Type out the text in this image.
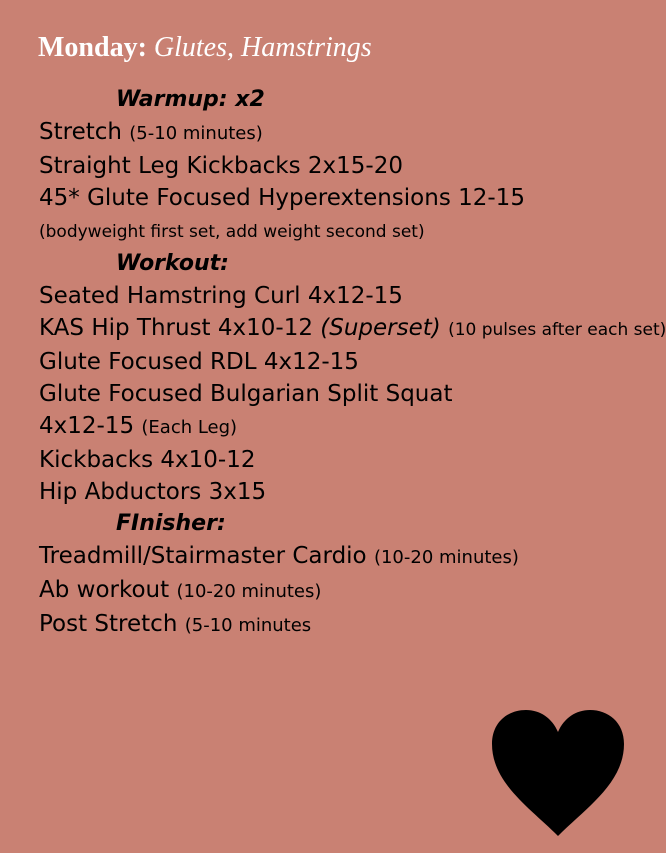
Monday: Glutes, Hamstrings
Warmup: x2
Stretch (5-10 minutes)
Straight Leg Kickbacks 2x15-20
45* Glute Focused Hyperextensions 12-15
(bodyweight first set, add weight second set)
Workout:
Seated Hamstring Curl 4x12-15
KAS Hip Thrust 4x10-12 (Superset) (10 pulses after each set)
Glute Focused RDL 4x12-15
Glute Focused Bulgarian Split Squat
4x12-15 (Each Leg)
Kickbacks 4x10-12
Hip Abductors 3x15
FInisher:
Treadmill/Stairmaster Cardio (10-20 minutes)
Ab workout (10-20 minutes)
Post Stretch (5-10 minutes
